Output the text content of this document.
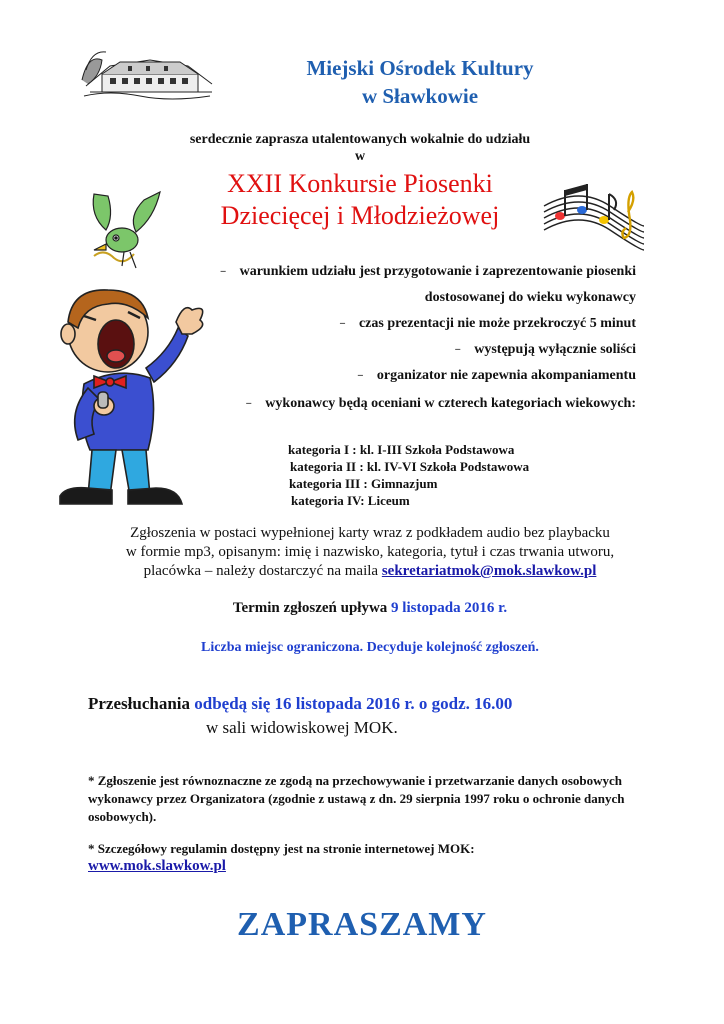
Miejski Ośrodek Kultury
w Sławkowie
serdecznie zaprasza utalentowanych wokalnie do udziału
w
XXII Konkursie Piosenki
Dziecięcej i Młodzieżowej
– warunkiem udziału jest przygotowanie i zaprezentowanie piosenki
dostosowanej do wieku wykonawcy
– czas prezentacji nie może przekroczyć 5 minut
– występują wyłącznie soliści
– organizator nie zapewnia akompaniamentu
– wykonawcy będą oceniani w czterech kategoriach wiekowych:
kategoria I : kl. I-III Szkoła Podstawowa
kategoria II : kl. IV-VI Szkoła Podstawowa
kategoria III : Gimnazjum
kategoria IV: Liceum
Zgłoszenia w postaci wypełnionej karty wraz z podkładem audio bez playbacku
w formie mp3, opisanym: imię i nazwisko, kategoria, tytuł i czas trwania utworu,
placówka – należy dostarczyć na maila sekretariatmok@mok.slawkow.pl
Termin zgłoszeń upływa 9 listopada 2016 r.
Liczba miejsc ograniczona. Decyduje kolejność zgłoszeń.
Przesłuchania odbędą się 16 listopada 2016 r. o godz. 16.00
w sali widowiskowej MOK.
* Zgłoszenie jest równoznaczne ze zgodą na przechowywanie i przetwarzanie danych osobowych wykonawcy przez Organizatora (zgodnie z ustawą z dn. 29 sierpnia 1997 roku o ochronie danych osobowych).
* Szczegółowy regulamin dostępny jest na stronie internetowej MOK:
www.mok.slawkow.pl
ZAPRASZAMY
